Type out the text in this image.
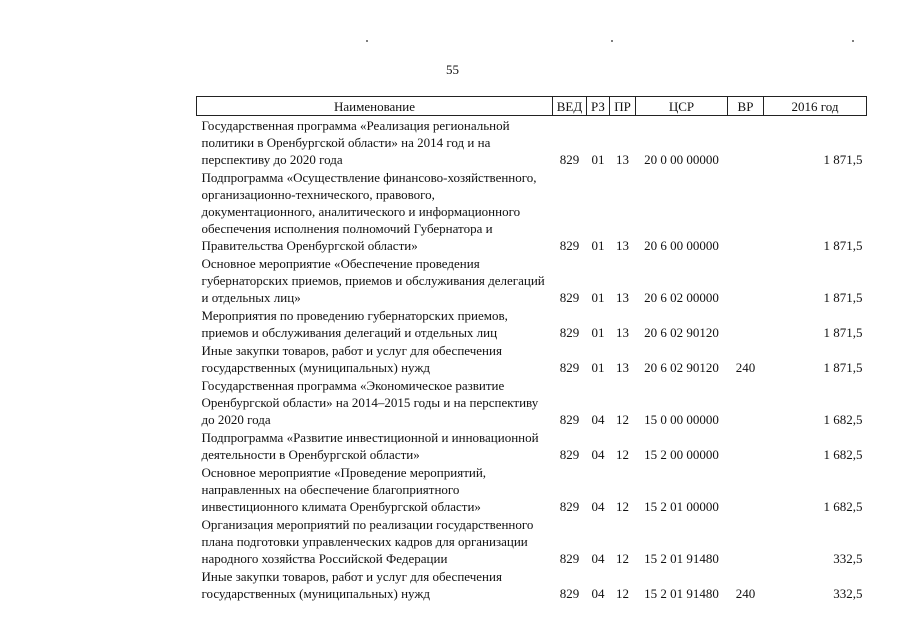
55
Наименование	ВЕД	РЗ	ПР	ЦСР	ВР	2016 год
Государственная программа «Реализация региональной политики в Оренбургской области» на 2014 год и на перспективу до 2020 года	829	01	13	20 0 00 00000		1 871,5
Подпрограмма «Осуществление финансово-хозяйственного, организационно-технического, правового, документационного, аналитического и информационного обеспечения исполнения полномочий Губернатора и Правительства Оренбургской области»	829	01	13	20 6 00 00000		1 871,5
Основное мероприятие «Обеспечение проведения губернаторских приемов, приемов и обслуживания делегаций и отдельных лиц»	829	01	13	20 6 02 00000		1 871,5
Мероприятия по проведению губернаторских приемов, приемов и обслуживания делегаций и отдельных лиц	829	01	13	20 6 02 90120		1 871,5
Иные закупки товаров, работ и услуг для обеспечения государственных (муниципальных) нужд	829	01	13	20 6 02 90120	240	1 871,5
Государственная программа «Экономическое развитие Оренбургской области» на 2014–2015 годы и на перспективу до 2020 года	829	04	12	15 0 00 00000		1 682,5
Подпрограмма «Развитие инвестиционной и инновационной деятельности в Оренбургской области»	829	04	12	15 2 00 00000		1 682,5
Основное мероприятие «Проведение мероприятий, направленных на обеспечение благоприятного инвестиционного климата Оренбургской области»	829	04	12	15 2 01 00000		1 682,5
Организация мероприятий по реализации государственного плана подготовки управленческих кадров для организации народного хозяйства Российской Федерации	829	04	12	15 2 01 91480		332,5
Иные закупки товаров, работ и услуг для обеспечения государственных (муниципальных) нужд	829	04	12	15 2 01 91480	240	332,5
